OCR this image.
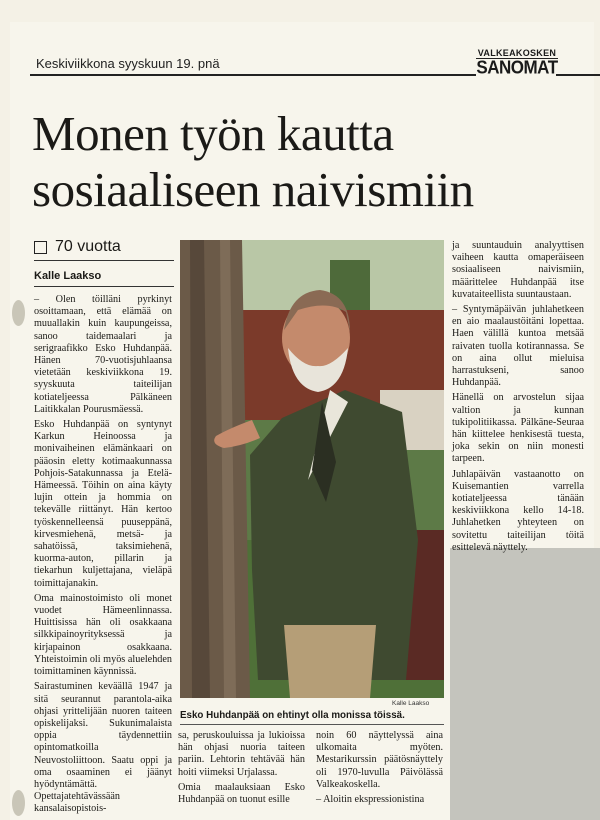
Keskiviikkona syyskuun 19. pnä
VALKEAKOSKEN
SANOMAT
Monen työn kautta
sosiaaliseen naivismiin
70 vuotta
Kalle Laakso

– Olen töilläni pyrkinyt osoittamaan, että elämää on muuallakin kuin kaupungeissa, sanoo taidemaalari ja serigraafikko Esko Huhdanpää. Hänen 70-vuotisjuhlaansa vietetään keskiviikkona 19. syyskuuta taiteilijan kotiateljeessa Pälkäneen Laitikkalan Pourusmäessä.

Esko Huhdanpää on syntynyt Karkun Heinoossa ja monivaiheinen elämänkaari on pääosin eletty kotimaakunnassa Pohjois-Satakunnassa ja Etelä-Hämeessä. Töihin on aina käyty lujin ottein ja hommia on tekevälle riittänyt. Hän kertoo työskennelleensä puuseppänä, kirvesmiehenä, metsä- ja sahatöissä, taksimiehenä, kuorma-auton, pillarin ja tiekarhun kuljettajana, vieläpä toimittajanakin.

Oma mainostoimisto oli monet vuodet Hämeenlinnassa. Huittisissa hän oli osakkaana silkkipainoyrityksessä ja kirjapainon osakkaana. Yhteistoimin oli myös aluelehden toimittaminen käynnissä.

Sairastuminen keväällä 1947 ja sitä seurannut parantola-aika ohjasi yrittelijään nuoren taiteen opiskelijaksi. Sukunimalaista oppia täydennettiin opintomatkoilla Neuvostoliittoon. Saatu oppi ja oma osaaminen ei jäänyt hyödyntämättä. Opettajatehtävässään kansalaisopistois-

Kalle Laakso
Esko Huhdanpää on ehtinyt olla monissa töissä.

ja suuntauduin analyyttisen vaiheen kautta omaperäiseen sosiaaliseen naivismiin, määrittelee Huhdanpää itse kuvataiteellista suuntaustaan.

– Syntymäpäivän juhlahetkeen en aio maalaustöitäni lopettaa. Haen välillä kuntoa metsää raivaten tuolla kotirannassa. Se on aina ollut mieluisa harrastukseni, sanoo Huhdanpää.

Hänellä on arvostelun sijaa valtion ja kunnan tukipolitiikassa. Pälkäne-Seuraa hän kiittelee henkisestä tuesta, joka sekin on niin monesti tarpeen.

Juhlapäivän vastaanotto on Kuisemantien varrella kotiateljeessa tänään keskiviikkona kello 14-18. Juhlahetken yhteyteen on sovitettu taiteilijan töitä esittelevä näyttely.

sa, peruskouluissa ja lukioissa hän ohjasi nuoria taiteen pariin. Lehtorin tehtävää hän hoiti viimeksi Urjalassa.

Omia maalauksiaan Esko Huhdanpää on tuonut esille

noin 60 näyttelyssä aina ulkomaita myöten. Mestarikurssin päätösnäyttely oli 1970-luvulla Päivölässä Valkeakoskella.

– Aloitin ekspressionistina
